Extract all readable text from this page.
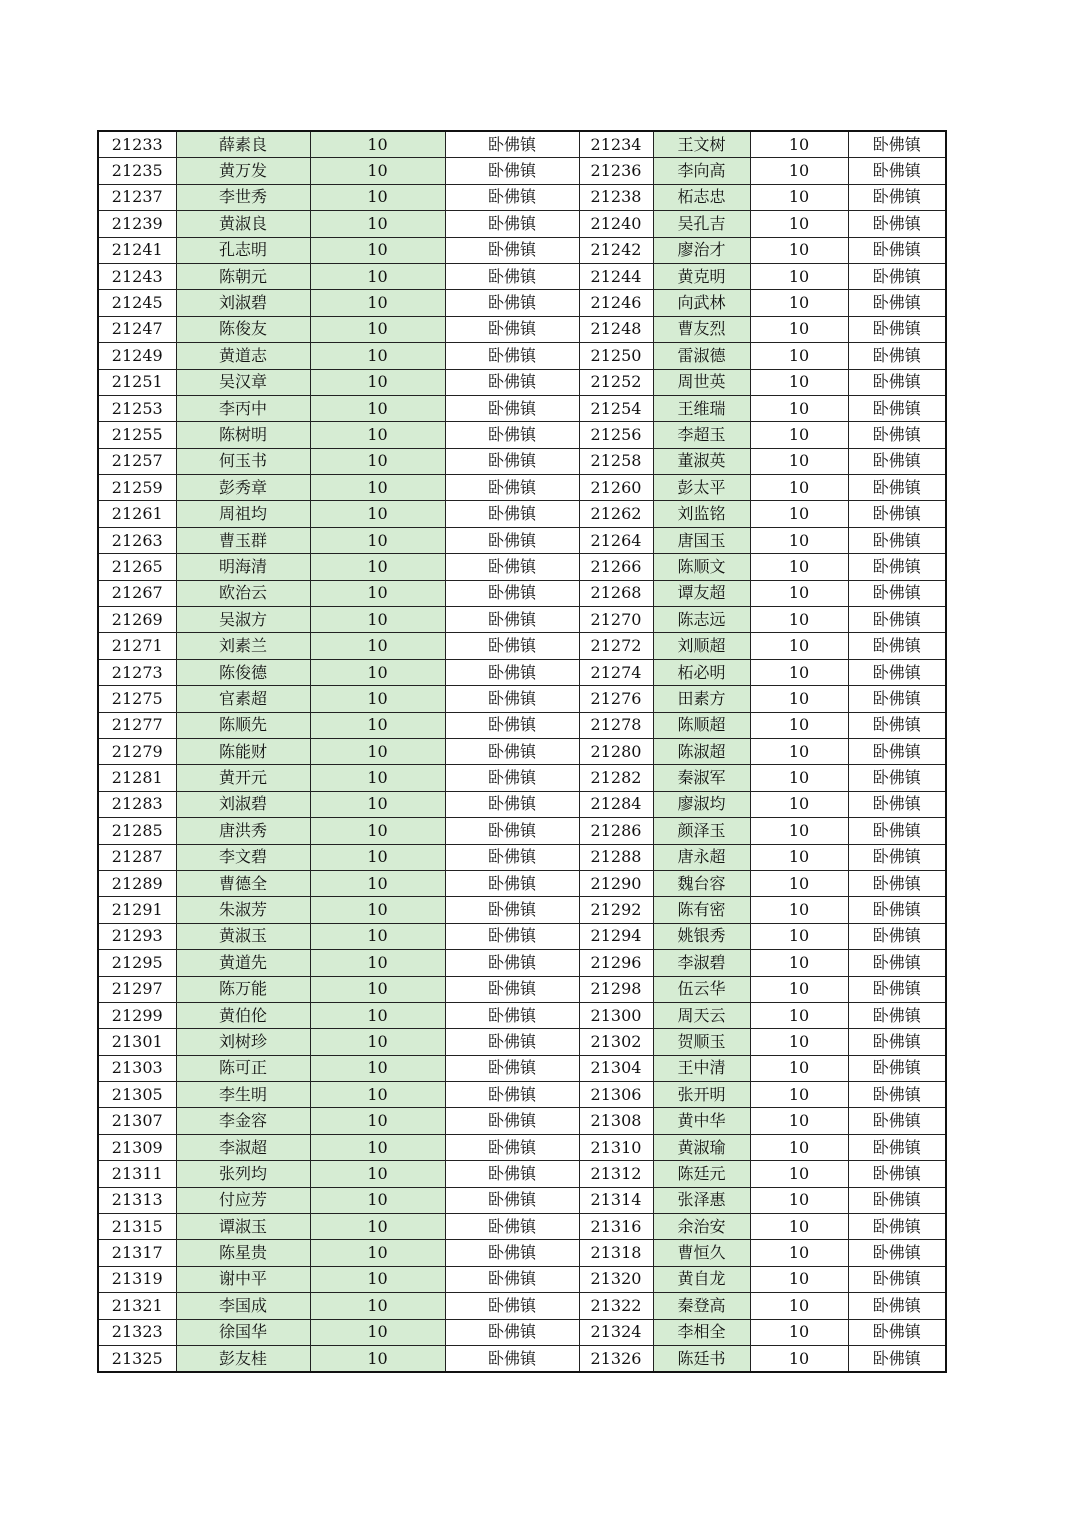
21233	薛素良	10	卧佛镇	21234	王文树	10	卧佛镇
21235	黄万发	10	卧佛镇	21236	李向高	10	卧佛镇
21237	李世秀	10	卧佛镇	21238	柘志忠	10	卧佛镇
21239	黄淑良	10	卧佛镇	21240	吴孔吉	10	卧佛镇
21241	孔志明	10	卧佛镇	21242	廖治才	10	卧佛镇
21243	陈朝元	10	卧佛镇	21244	黄克明	10	卧佛镇
21245	刘淑碧	10	卧佛镇	21246	向武林	10	卧佛镇
21247	陈俊友	10	卧佛镇	21248	曹友烈	10	卧佛镇
21249	黄道志	10	卧佛镇	21250	雷淑德	10	卧佛镇
21251	吴汉章	10	卧佛镇	21252	周世英	10	卧佛镇
21253	李丙中	10	卧佛镇	21254	王维瑞	10	卧佛镇
21255	陈树明	10	卧佛镇	21256	李超玉	10	卧佛镇
21257	何玉书	10	卧佛镇	21258	董淑英	10	卧佛镇
21259	彭秀章	10	卧佛镇	21260	彭太平	10	卧佛镇
21261	周祖均	10	卧佛镇	21262	刘监铭	10	卧佛镇
21263	曹玉群	10	卧佛镇	21264	唐国玉	10	卧佛镇
21265	明海清	10	卧佛镇	21266	陈顺文	10	卧佛镇
21267	欧治云	10	卧佛镇	21268	谭友超	10	卧佛镇
21269	吴淑方	10	卧佛镇	21270	陈志远	10	卧佛镇
21271	刘素兰	10	卧佛镇	21272	刘顺超	10	卧佛镇
21273	陈俊德	10	卧佛镇	21274	柘必明	10	卧佛镇
21275	官素超	10	卧佛镇	21276	田素方	10	卧佛镇
21277	陈顺先	10	卧佛镇	21278	陈顺超	10	卧佛镇
21279	陈能财	10	卧佛镇	21280	陈淑超	10	卧佛镇
21281	黄开元	10	卧佛镇	21282	秦淑军	10	卧佛镇
21283	刘淑碧	10	卧佛镇	21284	廖淑均	10	卧佛镇
21285	唐洪秀	10	卧佛镇	21286	颜泽玉	10	卧佛镇
21287	李文碧	10	卧佛镇	21288	唐永超	10	卧佛镇
21289	曹德全	10	卧佛镇	21290	魏台容	10	卧佛镇
21291	朱淑芳	10	卧佛镇	21292	陈有密	10	卧佛镇
21293	黄淑玉	10	卧佛镇	21294	姚银秀	10	卧佛镇
21295	黄道先	10	卧佛镇	21296	李淑碧	10	卧佛镇
21297	陈万能	10	卧佛镇	21298	伍云华	10	卧佛镇
21299	黄伯伦	10	卧佛镇	21300	周天云	10	卧佛镇
21301	刘树珍	10	卧佛镇	21302	贺顺玉	10	卧佛镇
21303	陈可正	10	卧佛镇	21304	王中清	10	卧佛镇
21305	李生明	10	卧佛镇	21306	张开明	10	卧佛镇
21307	李金容	10	卧佛镇	21308	黄中华	10	卧佛镇
21309	李淑超	10	卧佛镇	21310	黄淑瑜	10	卧佛镇
21311	张列均	10	卧佛镇	21312	陈廷元	10	卧佛镇
21313	付应芳	10	卧佛镇	21314	张泽惠	10	卧佛镇
21315	谭淑玉	10	卧佛镇	21316	余治安	10	卧佛镇
21317	陈星贵	10	卧佛镇	21318	曹恒久	10	卧佛镇
21319	谢中平	10	卧佛镇	21320	黄自龙	10	卧佛镇
21321	李国成	10	卧佛镇	21322	秦登高	10	卧佛镇
21323	徐国华	10	卧佛镇	21324	李相全	10	卧佛镇
21325	彭友桂	10	卧佛镇	21326	陈廷书	10	卧佛镇
